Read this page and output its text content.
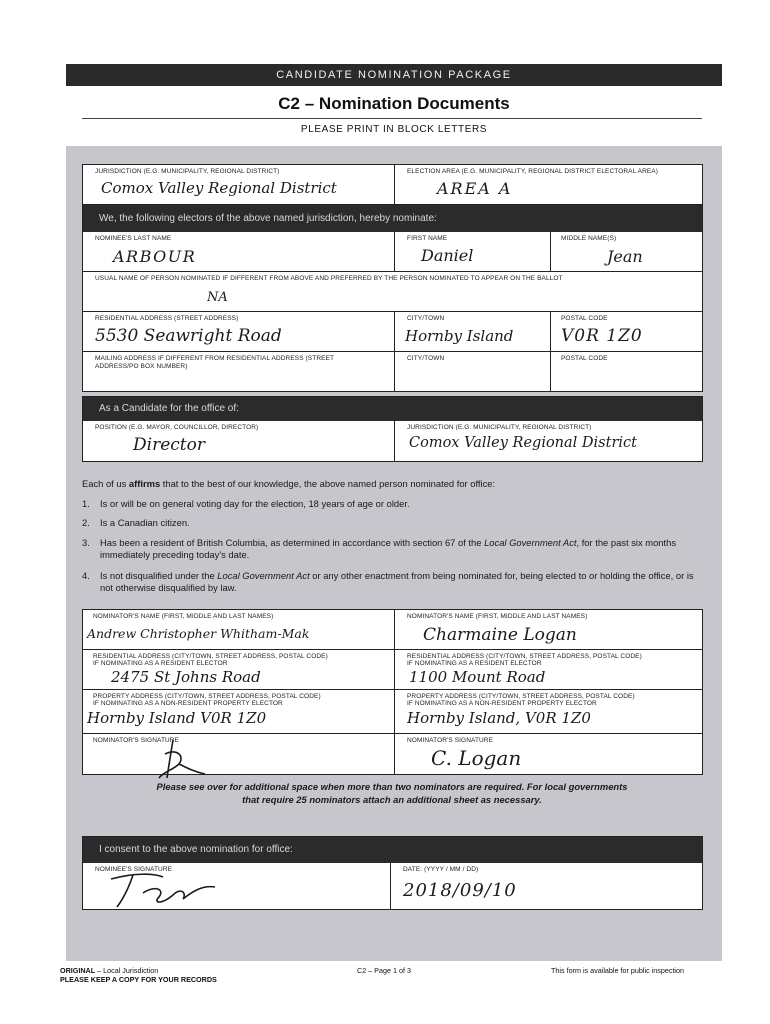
CANDIDATE NOMINATION PACKAGE
C2 – Nomination Documents
PLEASE PRINT IN BLOCK LETTERS
JURISDICTION (E.G. MUNICIPALITY, REGIONAL DISTRICT)
Comox Valley Regional District
ELECTION AREA (E.G. MUNICIPALITY, REGIONAL DISTRICT ELECTORAL AREA)
AREA A
We, the following electors of the above named jurisdiction, hereby nominate:
NOMINEE'S LAST NAME
ARBOUR
FIRST NAME
Daniel
MIDDLE NAME(S)
Jean
USUAL NAME OF PERSON NOMINATED IF DIFFERENT FROM ABOVE AND PREFERRED BY THE PERSON NOMINATED TO APPEAR ON THE BALLOT
NA
RESIDENTIAL ADDRESS (STREET ADDRESS)
5530 Seawright Road
CITY/TOWN
Hornby Island
POSTAL CODE
V0R 1Z0
MAILING ADDRESS IF DIFFERENT FROM RESIDENTIAL ADDRESS (STREET ADDRESS/PO BOX NUMBER)
CITY/TOWN	POSTAL CODE
As a Candidate for the office of:
POSITION (E.G. MAYOR, COUNCILLOR, DIRECTOR)
Director
JURISDICTION (E.G. MUNICIPALITY, REGIONAL DISTRICT)
Comox Valley Regional District
Each of us affirms that to the best of our knowledge, the above named person nominated for office:
1. Is or will be on general voting day for the election, 18 years of age or older.
2. Is a Canadian citizen.
3. Has been a resident of British Columbia, as determined in accordance with section 67 of the Local Government Act, for the past six months immediately preceding today's date.
4. Is not disqualified under the Local Government Act or any other enactment from being nominated for, being elected to or holding the office, or is not otherwise disqualified by law.
NOMINATOR'S NAME (FIRST, MIDDLE AND LAST NAMES)
Andrew Christopher Whitham-Mak
RESIDENTIAL ADDRESS (CITY/TOWN, STREET ADDRESS, POSTAL CODE)
IF NOMINATING AS A RESIDENT ELECTOR
2475 St Johns Road
PROPERTY ADDRESS (CITY/TOWN, STREET ADDRESS, POSTAL CODE)
IF NOMINATING AS A NON-RESIDENT PROPERTY ELECTOR
Hornby Island V0R 1Z0
NOMINATOR'S SIGNATURE
NOMINATOR'S NAME (FIRST, MIDDLE AND LAST NAMES)
Charmaine Logan
RESIDENTIAL ADDRESS (CITY/TOWN, STREET ADDRESS, POSTAL CODE)
IF NOMINATING AS A RESIDENT ELECTOR
1100 Mount Road
PROPERTY ADDRESS (CITY/TOWN, STREET ADDRESS, POSTAL CODE)
IF NOMINATING AS A NON-RESIDENT PROPERTY ELECTOR
Hornby Island, V0R 1Z0
NOMINATOR'S SIGNATURE
C. Logan
Please see over for additional space when more than two nominators are required. For local governments
that require 25 nominators attach an additional sheet as necessary.
I consent to the above nomination for office:
NOMINEE'S SIGNATURE	DATE: (YYYY / MM / DD)
2018/09/10
ORIGINAL – Local Jurisdiction
PLEASE KEEP A COPY FOR YOUR RECORDS
C2 – Page 1 of 3	This form is available for public inspection
